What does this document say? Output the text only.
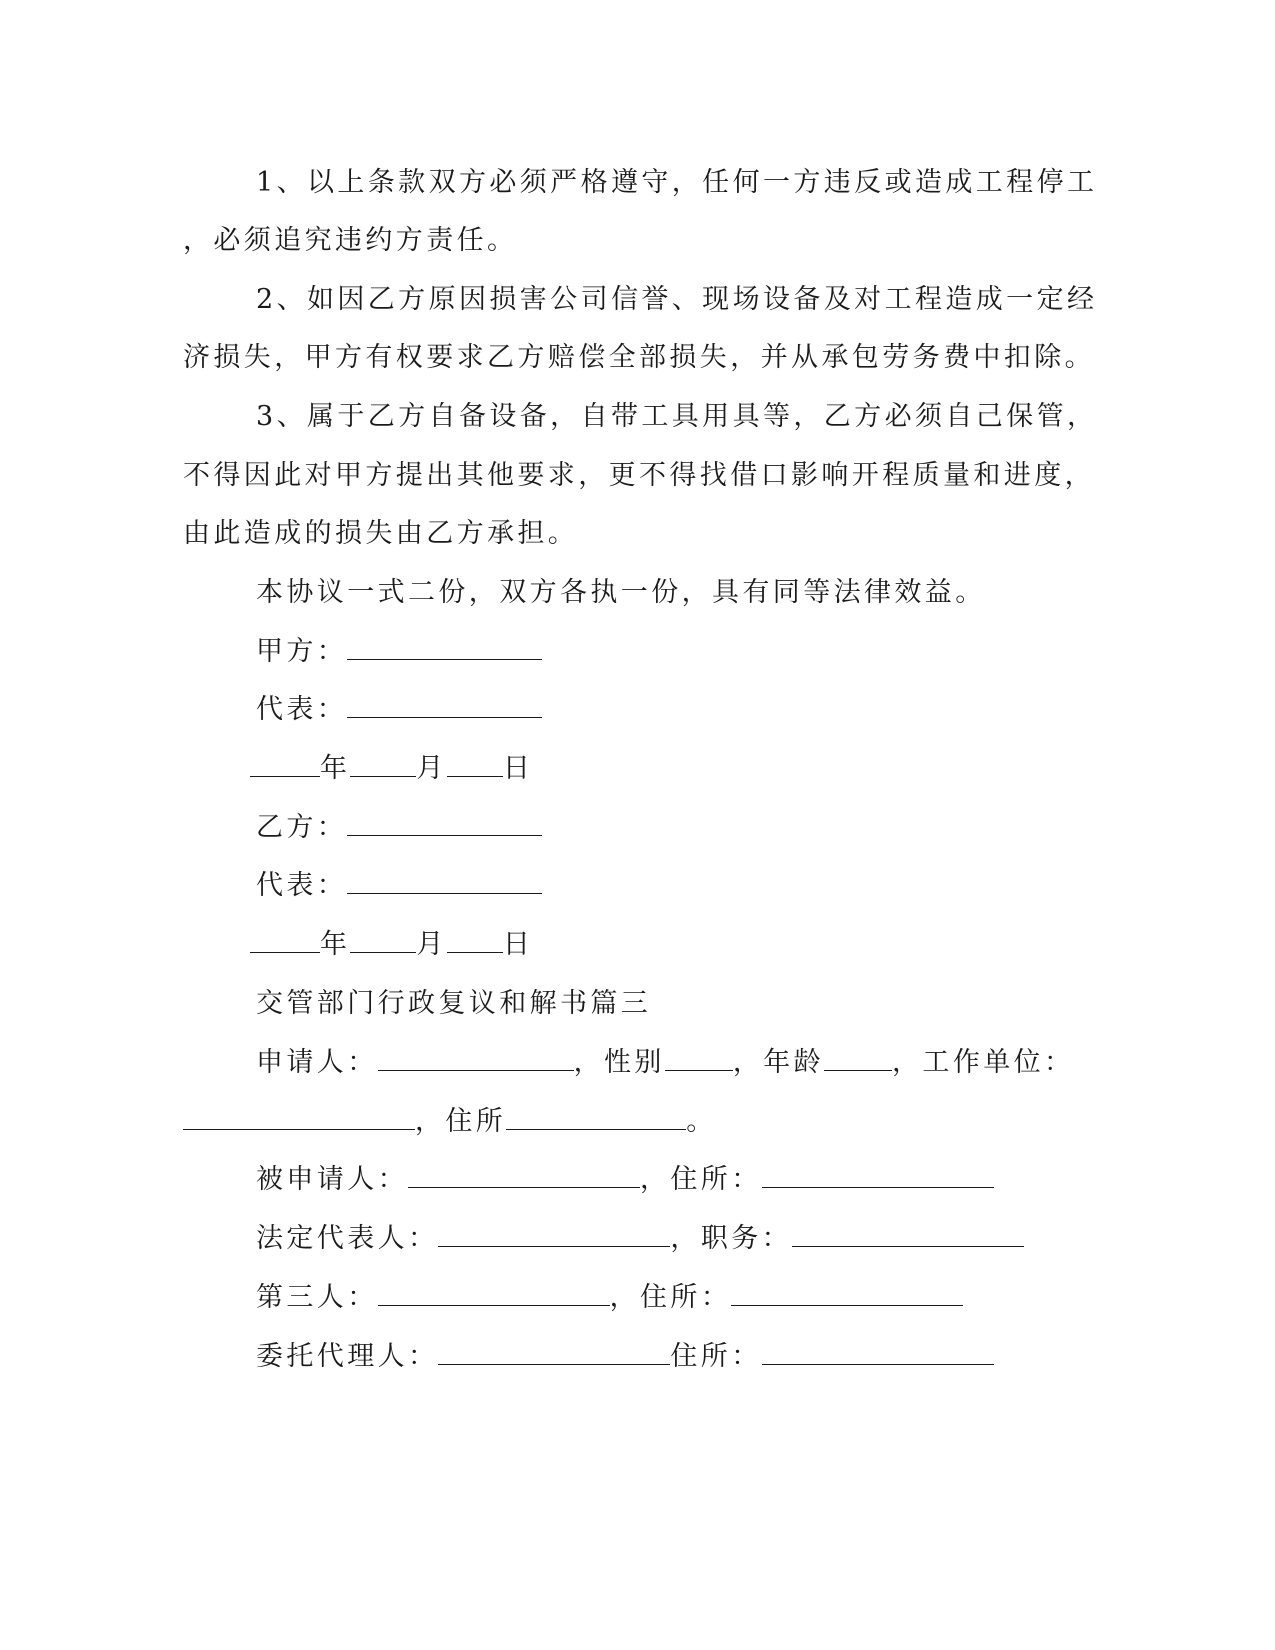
1、以上条款双方必须严格遵守，任何一方违反或造成工程停工
，必须追究违约方责任。
2、如因乙方原因损害公司信誉、现场设备及对工程造成一定经
济损失，甲方有权要求乙方赔偿全部损失，并从承包劳务费中扣除。
3、属于乙方自备设备，自带工具用具等，乙方必须自己保管，
不得因此对甲方提出其他要求，更不得找借口影响开程质量和进度，
由此造成的损失由乙方承担。
本协议一式二份，双方各执一份，具有同等法律效益。
甲方：
代表：
年 月 日
乙方：
代表：
年 月 日
交管部门行政复议和解书篇三
申请人：	，性别	，年龄	，工作单位：
，住所	。
被申请人：	，住所：
法定代表人：	，职务：
第三人：	，住所：
委托代理人：	住所：
